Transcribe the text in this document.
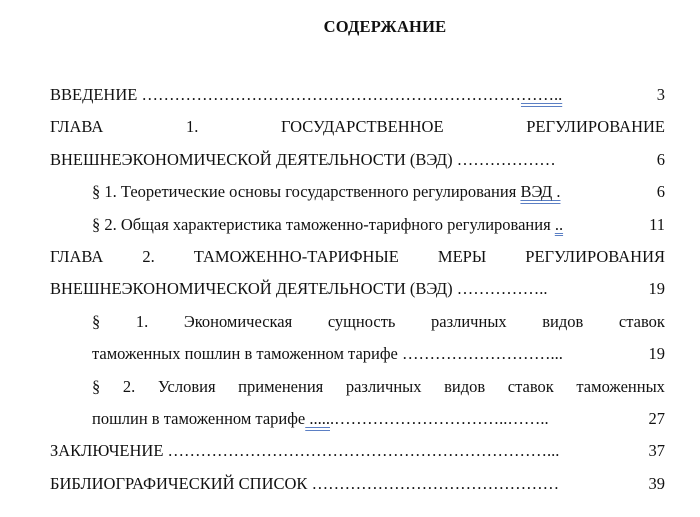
СОДЕРЖАНИЕ
ВВЕДЕНИЕ …………………………………………………………………..	3
ГЛАВА	1.	ГОСУДАРСТВЕННОЕ	РЕГУЛИРОВАНИЕ
ВНЕШНЕЭКОНОМИЧЕСКОЙ ДЕЯТЕЛЬНОСТИ (ВЭД) ………………	6
§ 1. Теоретические основы государственного регулирования ВЭД .	6
§ 2. Общая характеристика таможенно-тарифного регулирования ..	11
ГЛАВА 2. ТАМОЖЕННО-ТАРИФНЫЕ МЕРЫ РЕГУЛИРОВАНИЯ
ВНЕШНЕЭКОНОМИЧЕСКОЙ ДЕЯТЕЛЬНОСТИ (ВЭД) ……………..	19
§ 1. Экономическая сущность различных видов ставок
таможенных пошлин в таможенном тарифе ………………………...	19
§ 2. Условия применения различных видов ставок таможенных
пошлин в таможенном тарифе ......…………………………..……..	27
ЗАКЛЮЧЕНИЕ ……………………………………………………………...	37
БИБЛИОГРАФИЧЕСКИЙ СПИСОК ………………………………………	39
